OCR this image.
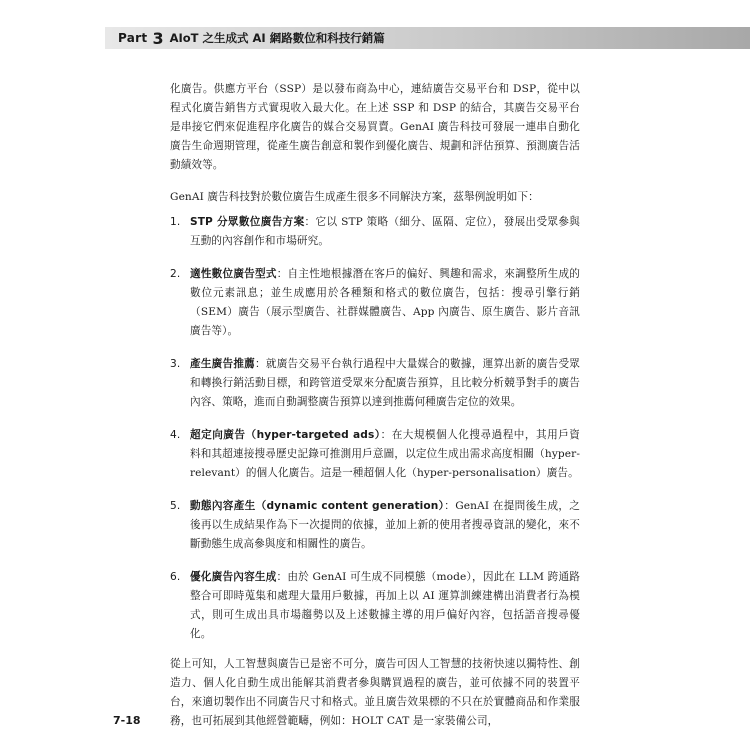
Part 3 AIoT 之生成式 AI 網路數位和科技行銷篇

化廣告。供應方平台（SSP）是以發布商為中心，連結廣告交易平台和 DSP，從中以程式化廣告銷售方式實現收入最大化。在上述 SSP 和 DSP 的結合，其廣告交易平台是串接它們來促進程序化廣告的媒合交易買賣。GenAI 廣告科技可發展一連串自動化廣告生命週期管理，從產生廣告創意和製作到優化廣告、規劃和評估預算、預測廣告活動績效等。

GenAI 廣告科技對於數位廣告生成產生很多不同解決方案，茲舉例說明如下：

1. STP 分眾數位廣告方案：它以 STP 策略（細分、區隔、定位），發展出受眾參與互動的內容創作和市場研究。
2. 適性數位廣告型式：自主性地根據潛在客戶的偏好、興趣和需求，來調整所生成的數位元素訊息；並生成應用於各種類和格式的數位廣告，包括：搜尋引擎行銷（SEM）廣告（展示型廣告、社群媒體廣告、App 內廣告、原生廣告、影片音訊廣告等）。
3. 產生廣告推薦：就廣告交易平台執行過程中大量媒合的數據，運算出新的廣告受眾和轉換行銷活動目標，和跨管道受眾來分配廣告預算，且比較分析競爭對手的廣告內容、策略，進而自動調整廣告預算以達到推薦何種廣告定位的效果。
4. 超定向廣告（hyper-targeted ads）：在大規模個人化搜尋過程中，其用戶資料和其超連接搜尋歷史記錄可推測用戶意圖，以定位生成出需求高度相關（hyper-relevant）的個人化廣告。這是一種超個人化（hyper-personalisation）廣告。
5. 動態內容產生（dynamic content generation）：GenAI 在提問後生成，之後再以生成結果作為下一次提問的依據，並加上新的使用者搜尋資訊的變化，來不斷動態生成高參與度和相關性的廣告。
6. 優化廣告內容生成：由於 GenAI 可生成不同模態（mode），因此在 LLM 跨通路整合可即時蒐集和處理大量用戶數據，再加上以 AI 運算訓練建構出消費者行為模式，則可生成出具市場趨勢以及上述數據主導的用戶偏好內容，包括語音搜尋優化。

從上可知，人工智慧與廣告已是密不可分，廣告可因人工智慧的技術快速以獨特性、創造力、個人化自動生成出能解其消費者參與購買過程的廣告，並可依據不同的裝置平台，來適切製作出不同廣告尺寸和格式。並且廣告效果標的不只在於實體商品和作業服務，也可拓展到其他經營範疇，例如：HOLT CAT 是一家裝備公司，

7-18
